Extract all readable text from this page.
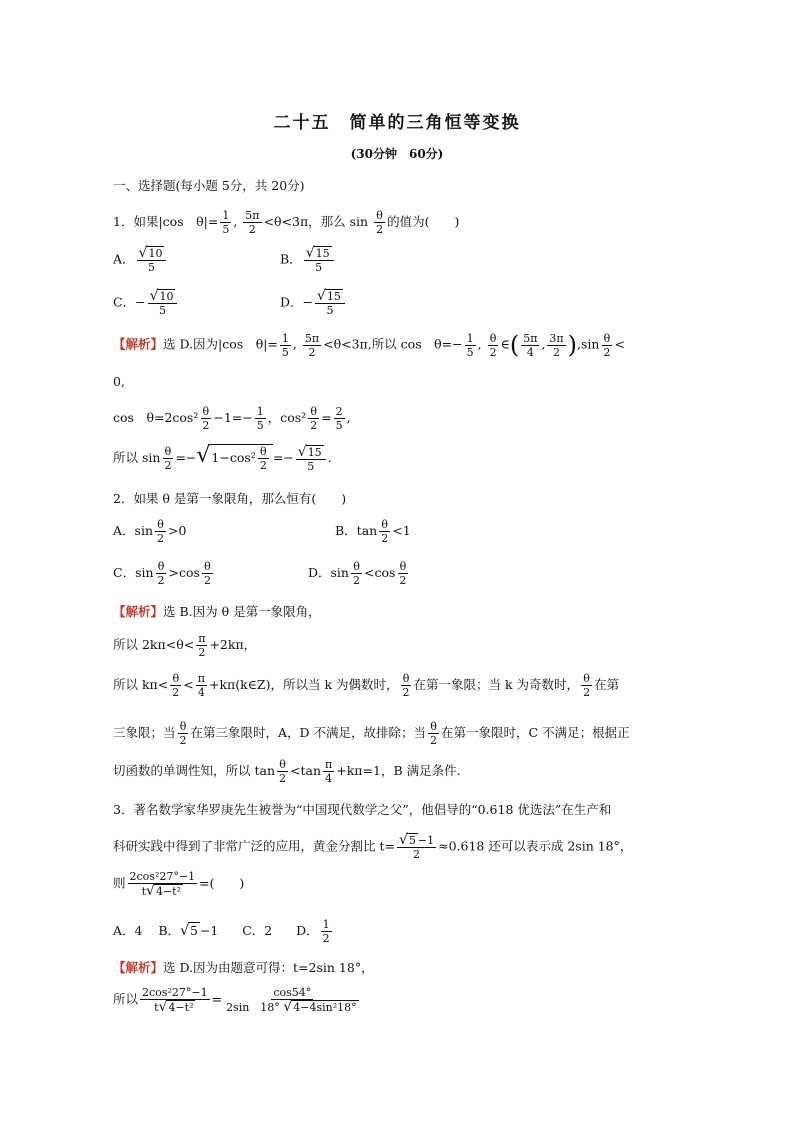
二十五　简单的三角恒等变换
(30分钟　60分)
一、选择题(每小题 5分，共 20分)
1．如果|cos　$\theta|= \frac{1}{5}$ , $\frac{5\pi}{2} <\theta<3\pi$，那么 $\sin \frac{\theta}{2}$ 的值为(　　)
A． $\frac{√10}{5}$	B． $\frac{√15}{5}$
C．− $\frac{√10}{5}$	D．− $\frac{√15}{5}$
【解析】选 D.因为|cos　$\theta|= \frac{1}{5}$ , $\frac{5\pi}{2} <\theta<3\pi$,所以 cos　$\theta=- \frac{1}{5}$ , $\frac{\theta}{2}$ ∈( $\frac{5\pi}{4}$ , $\frac{3\pi}{2} ),\sin \frac{\theta}{2}$ <
0,
cos　$\theta=2\cos^2 \frac{\theta}{2} -1=- \frac{1}{5}$ ，$\cos^2 \frac{\theta}{2} = \frac{2}{5}$ ,
所以 $\sin \frac{\theta}{2} =-√1-\cos^2 \frac{\theta}{2} =- \frac{√15}{5}$ .
2．如果 θ 是第一象限角，那么恒有(　　)
A．$\sin \frac{\theta}{2} >0$	B．$\tan \frac{\theta}{2} <1$
C．$\sin \frac{\theta}{2} >\cos \frac{\theta}{2}$	D．$\sin \frac{\theta}{2} <\cos \frac{\theta}{2}$
【解析】选 B.因为 θ 是第一象限角，
所以 $2k\pi<\theta< \frac{\pi}{2} +2k\pi$，
所以 $k\pi< \frac{\theta}{2} < \frac{\pi}{4}$ +kπ(k∈Z)，所以当 k 为偶数时， $\frac{\theta}{2}$ 在第一象限；当 k 为奇数时， $\frac{\theta}{2}$ 在第
三象限；当 $\frac{\theta}{2}$ 在第三象限时，A，D 不满足，故排除；当 $\frac{\theta}{2}$ 在第一象限时，C 不满足；根据正
切函数的单调性知，所以 $\tan \frac{\theta}{2} <\tan \frac{\pi}{4} +k\pi=1$，B 满足条件.
3．著名数学家华罗庚先生被誉为“中国现代数学之父”，他倡导的“0.618 优选法”在生产和
科研实践中得到了非常广泛的应用，黄金分割比 $t= \frac{√5 -1}{2} \approx 0.618$ 还可以表示成 2sin 18°，
则 $\frac{\text{2cos²27°−1}}{\text{t√4−t²}}$ =(　　)
A．4 B．√5 −1 C．2 D． $\frac{1}{2}$
【解析】选 D.因为由题意可得：t=2sin 18°，
所以 $\frac{\text{2cos²27°−1}}{\text{t√4−t²}} = \frac{\cos 54^\circ}{\text{2sin　18° √4−4sin²18°}}$
